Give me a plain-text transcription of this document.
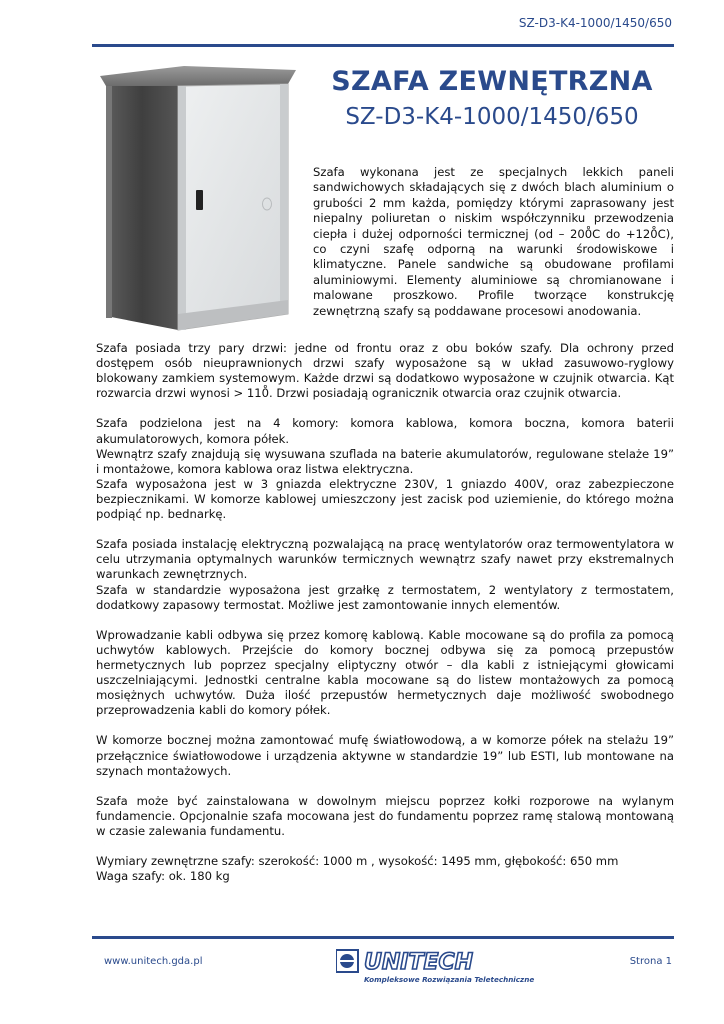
SZ-D3-K4-1000/1450/650
SZAFA ZEWNĘTRZNA
SZ-D3-K4-1000/1450/650
Szafa wykonana jest ze specjalnych lekkich paneli sandwichowych składających się z dwóch blach aluminium o grubości 2 mm każda, pomiędzy którymi zaprasowany jest niepalny poliuretan o niskim współczynniku przewodzenia ciepła i dużej odporności termicznej (od – 200̊C do +120̊C), co czyni szafę odporną na warunki środowiskowe i klimatyczne. Panele sandwiche są obudowane profilami aluminiowymi. Elementy aluminiowe są chromianowane i malowane proszkowo. Profile tworzące konstrukcję zewnętrzną szafy są poddawane procesowi anodowania.

Szafa posiada trzy pary drzwi: jedne od frontu oraz z obu boków szafy. Dla ochrony przed dostępem osób nieuprawnionych drzwi szafy wyposażone są w układ zasuwowo-ryglowy blokowany zamkiem systemowym. Każde drzwi są dodatkowo wyposażone w czujnik otwarcia. Kąt rozwarcia drzwi wynosi > 110̊. Drzwi posiadają ogranicznik otwarcia oraz czujnik otwarcia.

Szafa podzielona jest na 4 komory: komora kablowa, komora boczna, komora baterii akumulatorowych, komora półek.

Wewnątrz szafy znajdują się wysuwana szuflada na baterie akumulatorów, regulowane stelaże 19” i montażowe, komora kablowa oraz listwa elektryczna.

Szafa wyposażona jest w 3 gniazda elektryczne 230V, 1 gniazdo 400V, oraz zabezpieczone bezpiecznikami. W komorze kablowej umieszczony jest zacisk pod uziemienie, do którego można podpiąć np. bednarkę.

Szafa posiada instalację elektryczną pozwalającą na pracę wentylatorów oraz termowentylatora w celu utrzymania optymalnych warunków termicznych wewnątrz szafy nawet przy ekstremalnych warunkach zewnętrznych.

Szafa w standardzie wyposażona jest grzałkę z termostatem, 2 wentylatory z termostatem, dodatkowy zapasowy termostat. Możliwe jest zamontowanie innych elementów.

Wprowadzanie kabli odbywa się przez komorę kablową. Kable mocowane są do profila za pomocą uchwytów kablowych. Przejście do komory bocznej odbywa się za pomocą przepustów hermetycznych lub poprzez specjalny eliptyczny otwór – dla kabli z istniejącymi głowicami uszczelniającymi. Jednostki centralne kabla mocowane są do listew montażowych za pomocą mosiężnych uchwytów. Duża ilość przepustów hermetycznych daje możliwość swobodnego przeprowadzenia kabli do komory półek.

W komorze bocznej można zamontować mufę światłowodową, a w komorze półek na stelażu 19” przełącznice światłowodowe i urządzenia aktywne w standardzie 19” lub ESTI, lub montowane na szynach montażowych.

Szafa może być zainstalowana w dowolnym miejscu poprzez kołki rozporowe na wylanym fundamencie. Opcjonalnie szafa mocowana jest do fundamentu poprzez ramę stalową montowaną w czasie zalewania fundamentu.

Wymiary zewnętrzne szafy: szerokość: 1000 m , wysokość: 1495 mm, głębokość: 650 mm

Waga szafy: ok. 180 kg

www.unitech.gda.pl	UNITECH
Kompleksowe Rozwiązania Teletechniczne
Strona 1
